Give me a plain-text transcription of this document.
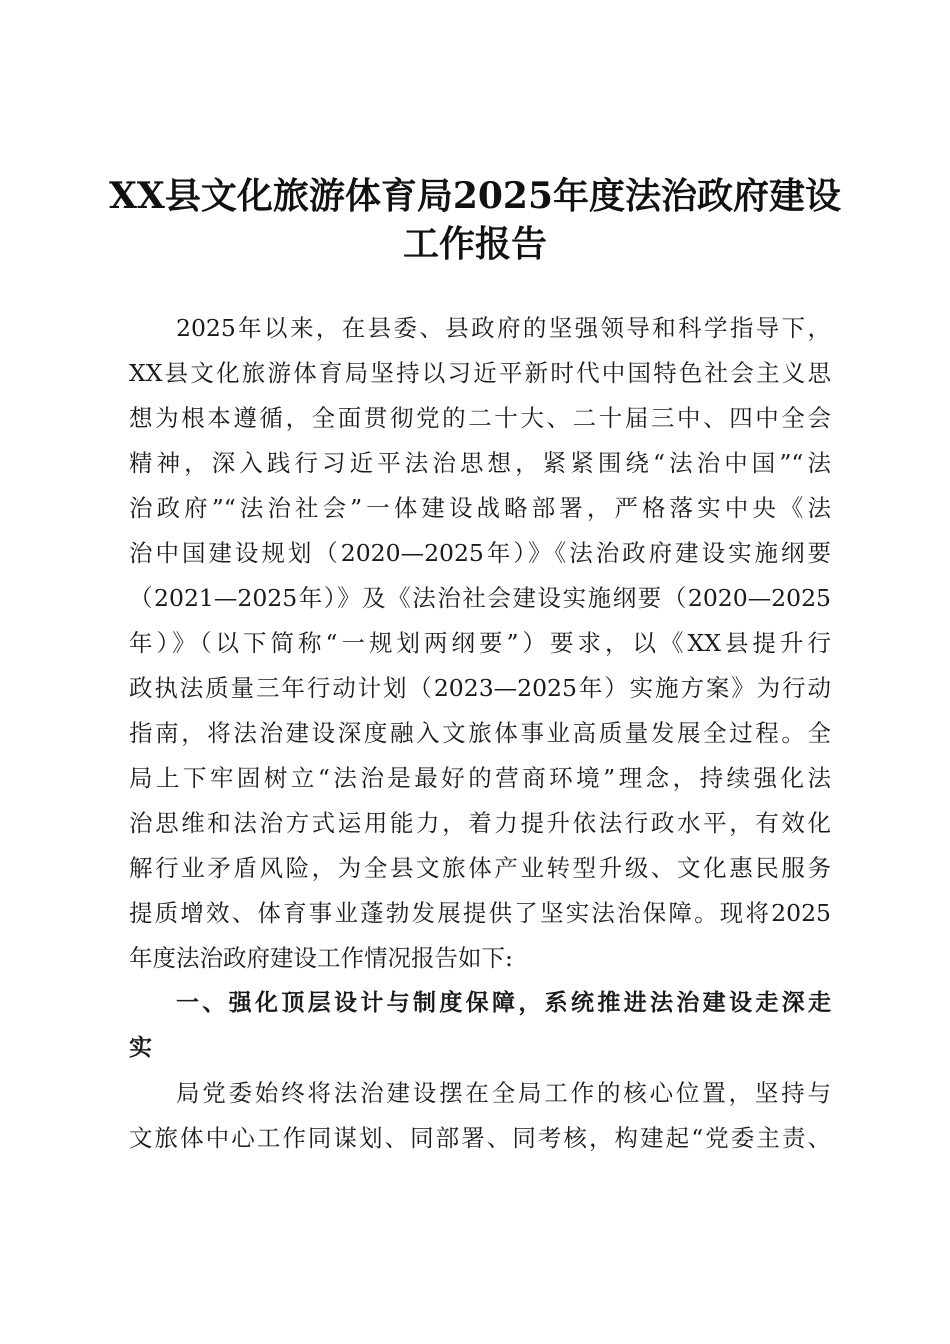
XX县文化旅游体育局2025年度法治政府建设
工作报告
2025年以来，在县委、县政府的坚强领导和科学指导下，
XX县文化旅游体育局坚持以习近平新时代中国特色社会主义思
想为根本遵循，全面贯彻党的二十大、二十届三中、四中全会
精神，深入践行习近平法治思想，紧紧围绕“法治中国”“法
治政府”“法治社会”一体建设战略部署，严格落实中央《法
治中国建设规划（2020—2025年）》《法治政府建设实施纲要
（2021—2025年）》及《法治社会建设实施纲要（2020—2025
年）》（以下简称“一规划两纲要”）要求，以《XX县提升行
政执法质量三年行动计划（2023—2025年）实施方案》为行动
指南，将法治建设深度融入文旅体事业高质量发展全过程。全
局上下牢固树立“法治是最好的营商环境”理念，持续强化法
治思维和法治方式运用能力，着力提升依法行政水平，有效化
解行业矛盾风险，为全县文旅体产业转型升级、文化惠民服务
提质增效、体育事业蓬勃发展提供了坚实法治保障。现将2025
年度法治政府建设工作情况报告如下:
一、强化顶层设计与制度保障，系统推进法治建设走深走
实
局党委始终将法治建设摆在全局工作的核心位置，坚持与
文旅体中心工作同谋划、同部署、同考核，构建起“党委主责、
